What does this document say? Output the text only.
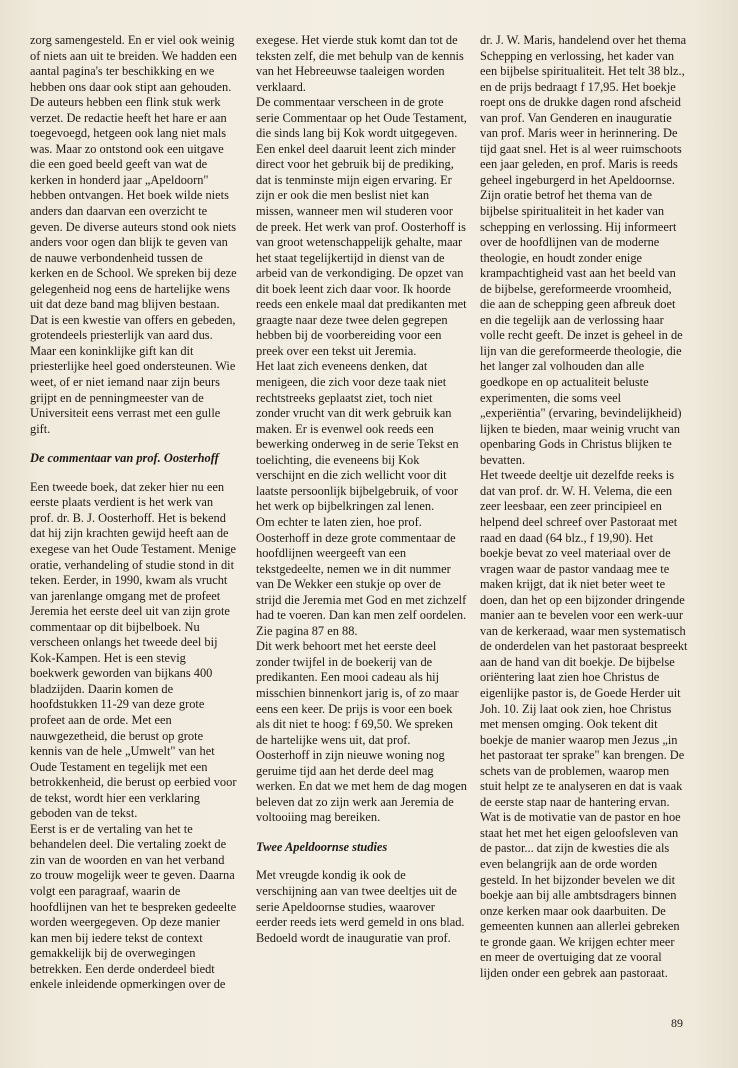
zorg samengesteld. En er viel ook weinig of niets aan uit te breiden. We hadden een aantal pagina's ter beschikking en we hebben ons daar ook stipt aan gehouden. De auteurs hebben een flink stuk werk verzet. De redactie heeft het hare er aan toegevoegd, hetgeen ook lang niet mals was. Maar zo ontstond ook een uitgave die een goed beeld geeft van wat de kerken in honderd jaar „Apeldoorn" hebben ontvangen. Het boek wilde niets anders dan daarvan een overzicht te geven. De diverse auteurs stond ook niets anders voor ogen dan blijk te geven van de nauwe verbondenheid tussen de kerken en de School. We spreken bij deze gelegenheid nog eens de hartelijke wens uit dat deze band mag blijven bestaan. Dat is een kwestie van offers en gebeden, grotendeels priesterlijk van aard dus. Maar een koninklijke gift kan dit priesterlijke heel goed ondersteunen. Wie weet, of er niet iemand naar zijn beurs grijpt en de penningmeester van de Universiteit eens verrast met een gulle gift.

De commentaar van prof. Oosterhoff

Een tweede boek, dat zeker hier nu een eerste plaats verdient is het werk van prof. dr. B. J. Oosterhoff. Het is bekend dat hij zijn krachten gewijd heeft aan de exegese van het Oude Testament. Menige oratie, verhandeling of studie stond in dit teken. Eerder, in 1990, kwam als vrucht van jarenlange omgang met de profeet Jeremia het eerste deel uit van zijn grote commentaar op dit bijbelboek. Nu verscheen onlangs het tweede deel bij Kok-Kampen. Het is een stevig boekwerk geworden van bijkans 400 bladzijden. Daarin komen de hoofdstukken 11-29 van deze grote profeet aan de orde. Met een nauwgezetheid, die berust op grote kennis van de hele „Umwelt" van het Oude Testament en tegelijk met een betrokkenheid, die berust op eerbied voor de tekst, wordt hier een verklaring geboden van de tekst.

Eerst is er de vertaling van het te behandelen deel. Die vertaling zoekt de zin van de woorden en van het verband zo trouw mogelijk weer te geven. Daarna volgt een paragraaf, waarin de hoofdlijnen van het te bespreken gedeelte worden weergegeven. Op deze manier kan men bij iedere tekst de context gemakkelijk bij de overwegingen betrekken. Een derde onderdeel biedt enkele inleidende opmerkingen over de

exegese. Het vierde stuk komt dan tot de teksten zelf, die met behulp van de kennis van het Hebreeuwse taaleigen worden verklaard.

De commentaar verscheen in de grote serie Commentaar op het Oude Testament, die sinds lang bij Kok wordt uitgegeven. Een enkel deel daaruit leent zich minder direct voor het gebruik bij de prediking, dat is tenminste mijn eigen ervaring. Er zijn er ook die men beslist niet kan missen, wanneer men wil studeren voor de preek. Het werk van prof. Oosterhoff is van groot wetenschappelijk gehalte, maar het staat tegelijkertijd in dienst van de arbeid van de verkondiging. De opzet van dit boek leent zich daar voor. Ik hoorde reeds een enkele maal dat predikanten met graagte naar deze twee delen gegrepen hebben bij de voorbereiding voor een preek over een tekst uit Jeremia.

Het laat zich eveneens denken, dat menigeen, die zich voor deze taak niet rechtstreeks geplaatst ziet, toch niet zonder vrucht van dit werk gebruik kan maken. Er is evenwel ook reeds een bewerking onderweg in de serie Tekst en toelichting, die eveneens bij Kok verschijnt en die zich wellicht voor dit laatste persoonlijk bijbelgebruik, of voor het werk op bijbelkringen zal lenen.

Om echter te laten zien, hoe prof. Oosterhoff in deze grote commentaar de hoofdlijnen weergeeft van een tekstgedeelte, nemen we in dit nummer van De Wekker een stukje op over de strijd die Jeremia met God en met zichzelf had te voeren. Dan kan men zelf oordelen. Zie pagina 87 en 88.

Dit werk behoort met het eerste deel zonder twijfel in de boekerij van de predikanten. Een mooi cadeau als hij misschien binnenkort jarig is, of zo maar eens een keer. De prijs is voor een boek als dit niet te hoog: f 69,50. We spreken de hartelijke wens uit, dat prof. Oosterhoff in zijn nieuwe woning nog geruime tijd aan het derde deel mag werken. En dat we met hem de dag mogen beleven dat zo zijn werk aan Jeremia de voltooiing mag bereiken.

Twee Apeldoornse studies

Met vreugde kondig ik ook de verschijning aan van twee deeltjes uit de serie Apeldoornse studies, waarover eerder reeds iets werd gemeld in ons blad. Bedoeld wordt de inauguratie van prof.

dr. J. W. Maris, handelend over het thema Schepping en verlossing, het kader van een bijbelse spiritualiteit. Het telt 38 blz., en de prijs bedraagt f 17,95. Het boekje roept ons de drukke dagen rond afscheid van prof. Van Genderen en inauguratie van prof. Maris weer in herinnering. De tijd gaat snel. Het is al weer ruimschoots een jaar geleden, en prof. Maris is reeds geheel ingeburgerd in het Apeldoornse. Zijn oratie betrof het thema van de bijbelse spiritualiteit in het kader van schepping en verlossing. Hij informeert over de hoofdlijnen van de moderne theologie, en houdt zonder enige krampachtigheid vast aan het beeld van de bijbelse, gereformeerde vroomheid, die aan de schepping geen afbreuk doet en die tegelijk aan de verlossing haar volle recht geeft. De inzet is geheel in de lijn van die gereformeerde theologie, die het langer zal volhouden dan alle goedkope en op actualiteit beluste experimenten, die soms veel „experiëntia" (ervaring, bevindelijkheid) lijken te bieden, maar weinig vrucht van openbaring Gods in Christus blijken te bevatten.

Het tweede deeltje uit dezelfde reeks is dat van prof. dr. W. H. Velema, die een zeer leesbaar, een zeer principieel en helpend deel schreef over Pastoraat met raad en daad (64 blz., f 19,90). Het boekje bevat zo veel materiaal over de vragen waar de pastor vandaag mee te maken krijgt, dat ik niet beter weet te doen, dan het op een bijzonder dringende manier aan te bevelen voor een werk-uur van de kerkeraad, waar men systematisch de onderdelen van het pastoraat bespreekt aan de hand van dit boekje. De bijbelse oriëntering laat zien hoe Christus de eigenlijke pastor is, de Goede Herder uit Joh. 10. Zij laat ook zien, hoe Christus met mensen omging. Ook tekent dit boekje de manier waarop men Jezus „in het pastoraat ter sprake" kan brengen. De schets van de problemen, waarop men stuit helpt ze te analyseren en dat is vaak de eerste stap naar de hantering ervan. Wat is de motivatie van de pastor en hoe staat het met het eigen geloofsleven van de pastor... dat zijn de kwesties die als even belangrijk aan de orde worden gesteld. In het bijzonder bevelen we dit boekje aan bij alle ambtsdragers binnen onze kerken maar ook daarbuiten. De gemeenten kunnen aan allerlei gebreken te gronde gaan. We krijgen echter meer en meer de overtuiging dat ze vooral lijden onder een gebrek aan pastoraat.

89
